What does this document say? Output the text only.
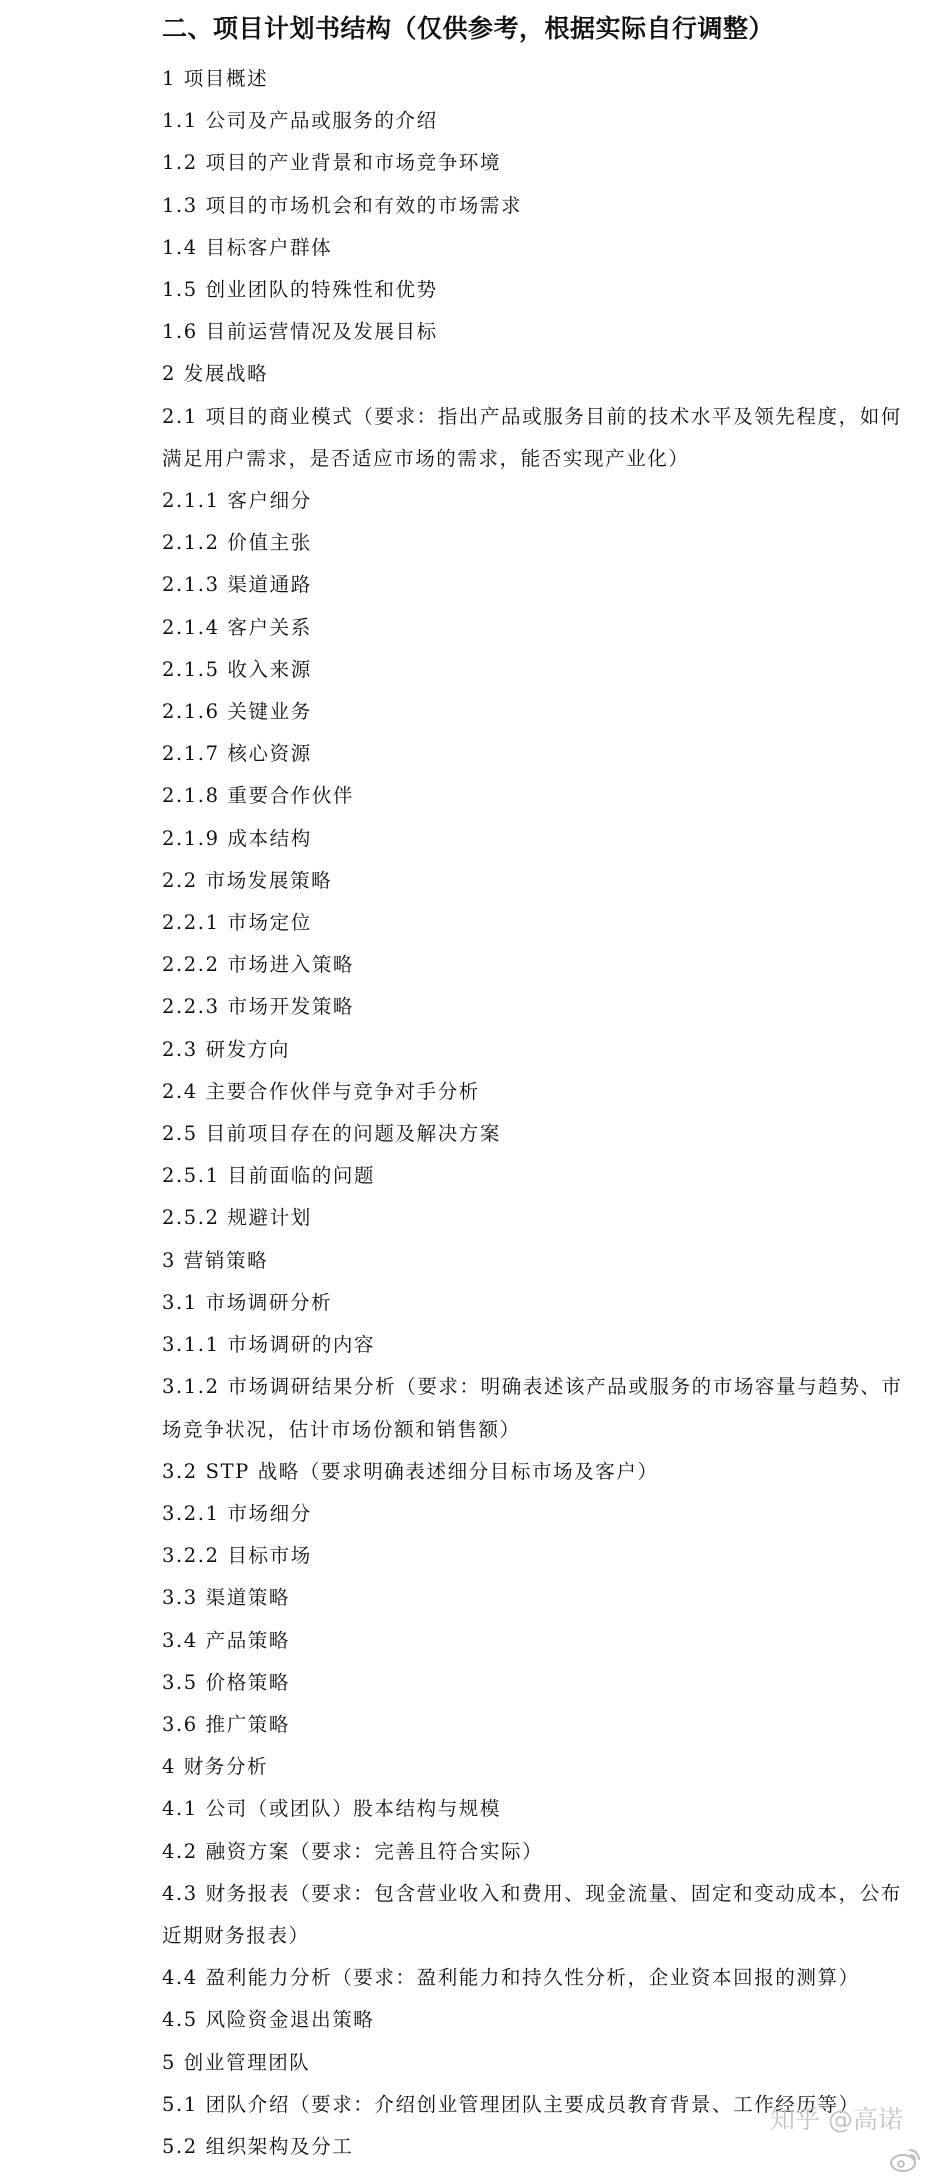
二、项目计划书结构（仅供参考，根据实际自行调整）
1 项目概述
1.1 公司及产品或服务的介绍
1.2 项目的产业背景和市场竞争环境
1.3 项目的市场机会和有效的市场需求
1.4 目标客户群体
1.5 创业团队的特殊性和优势
1.6 目前运营情况及发展目标
2 发展战略
2.1 项目的商业模式（要求：指出产品或服务目前的技术水平及领先程度，如何
满足用户需求，是否适应市场的需求，能否实现产业化）
2.1.1 客户细分
2.1.2 价值主张
2.1.3 渠道通路
2.1.4 客户关系
2.1.5 收入来源
2.1.6 关键业务
2.1.7 核心资源
2.1.8 重要合作伙伴
2.1.9 成本结构
2.2 市场发展策略
2.2.1 市场定位
2.2.2 市场进入策略
2.2.3 市场开发策略
2.3 研发方向
2.4 主要合作伙伴与竞争对手分析
2.5 目前项目存在的问题及解决方案
2.5.1 目前面临的问题
2.5.2 规避计划
3 营销策略
3.1 市场调研分析
3.1.1 市场调研的内容
3.1.2 市场调研结果分析（要求：明确表述该产品或服务的市场容量与趋势、市
场竞争状况，估计市场份额和销售额）
3.2 STP 战略（要求明确表述细分目标市场及客户）
3.2.1 市场细分
3.2.2 目标市场
3.3 渠道策略
3.4 产品策略
3.5 价格策略
3.6 推广策略
4 财务分析
4.1 公司（或团队）股本结构与规模
4.2 融资方案（要求：完善且符合实际）
4.3 财务报表（要求：包含营业收入和费用、现金流量、固定和变动成本，公布
近期财务报表）
4.4 盈利能力分析（要求：盈利能力和持久性分析，企业资本回报的测算）
4.5 风险资金退出策略
5 创业管理团队
5.1 团队介绍（要求：介绍创业管理团队主要成员教育背景、工作经历等）
5.2 组织架构及分工
知乎 @高诺
